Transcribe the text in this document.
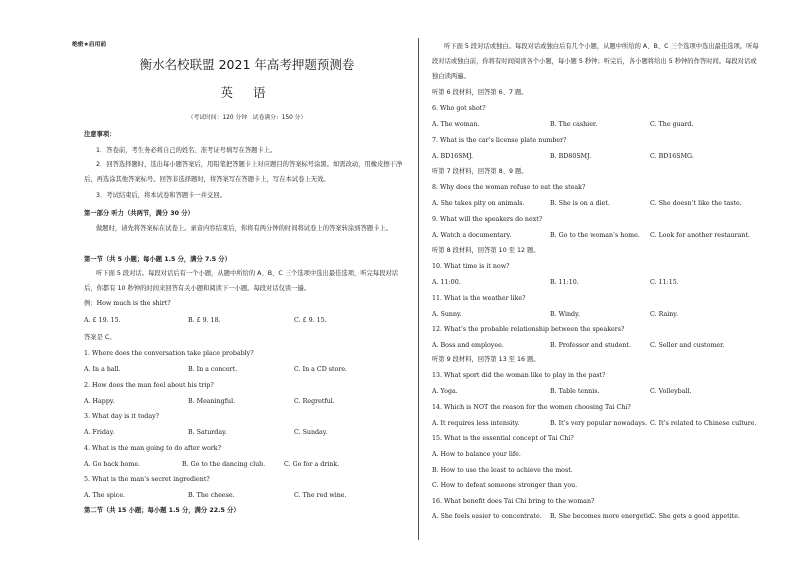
绝密★启用前
衡水名校联盟 2021 年高考押题预测卷
英 语
（考试时间：120 分钟　试卷满分：150 分）
注意事项：
1．答卷前，考生务必将自己的姓名、准考证号填写在答题卡上。
2．回答选择题时，选出每小题答案后，用铅笔把答题卡上对应题目的答案标号涂黑。如需改动，用橡皮擦干净后，再选涂其他答案标号。回答非选择题时，将答案写在答题卡上，写在本试卷上无效。
3．考试结束后，将本试卷和答题卡一并交回。
第一部分 听力（共两节，满分 30 分）
做题时，请先将答案标在试卷上。录音内容结束后，你将有两分钟的时间将试卷上的答案转涂到答题卡上。
第一节（共 5 小题；每小题 1.5 分，满分 7.5 分）
听下面 5 段对话。每段对话后有一个小题，从题中所给的 A、B、C 三个选项中选出最佳选项，听完每段对话后，你都有 10 秒钟的时间来回答有关小题和阅读下一小题。每段对话仅读一遍。
例：How much is the shirt?
A. £ 19. 15.	B. £ 9. 18.	C. £ 9. 15.
答案是 C。
1. Where does the conversation take place probably?
A. In a hall.	B. In a concert.	C. In a CD store.
2. How does the man feel about his trip?
A. Happy.	B. Meaningful.	C. Regretful.
3. What day is it today?
A. Friday.	B. Saturday.	C. Sunday.
4. What is the man going to do after work?
A. Go back home.	B. Go to the dancing club.	C. Go for a drink.
5. What is the man’s secret ingredient?
A. The spice.	B. The cheese.	C. The red wine.
第二节（共 15 小题；每小题 1.5 分，满分 22.5 分）
听下面 5 段对话或独白。每段对话或独白后有几个小题，从题中所给的 A、B、C 三个选项中选出最佳选项。听每段对话或独白前，你将有时间阅读各个小题，每小题 5 秒钟；听完后，各小题将给出 5 秒钟的作答时间。每段对话或独白读两遍。
听第 6 段材料，回答第 6、7 题。
6. Who got shot?
A. The woman.	B. The cashier.	C. The guard.
7. What is the car’s license plate number?
A. BD16SMJ.	B. BD80SMJ.	C. BD16SMG.
听第 7 段材料，回答第 8、9 题。
8. Why does the woman refuse to eat the steak?
A. She takes pity on animals.	B. She is on a diet.	C. She doesn’t like the taste.
9. What will the speakers do next?
A. Watch a documentary.	B. Go to the woman’s home. C. Look for another restaurant.
听第 8 段材料，回答第 10 至 12 题。
10. What time is it now?
A. 11:00.	B. 11:10.	C. 11:15.
11. What is the weather like?
A. Sunny.	B. Windy.	C. Rainy.
12. What’s the probable relationship between the speakers?
A. Boss and employee.	B. Professor and student.	C. Seller and customer.
听第 9 段材料，回答第 13 至 16 题。
13. What sport did the woman like to play in the past?
A. Yoga.	B. Table tennis.	C. Volleyball.
14. Which is NOT the reason for the women choosing Tai Chi?
A. It requires less intensity.	B. It’s very popular nowadays. C. It’s related to Chinese culture.
15. What is the essential concept of Tai Chi?
A. How to balance your life.
B. How to use the least to achieve the most.
C. How to defeat someone stronger than you.
16. What benefit does Tai Chi bring to the woman?
A. She feels easier to concentrate. B. She becomes more energetic.
C. She gets a good appetite.
